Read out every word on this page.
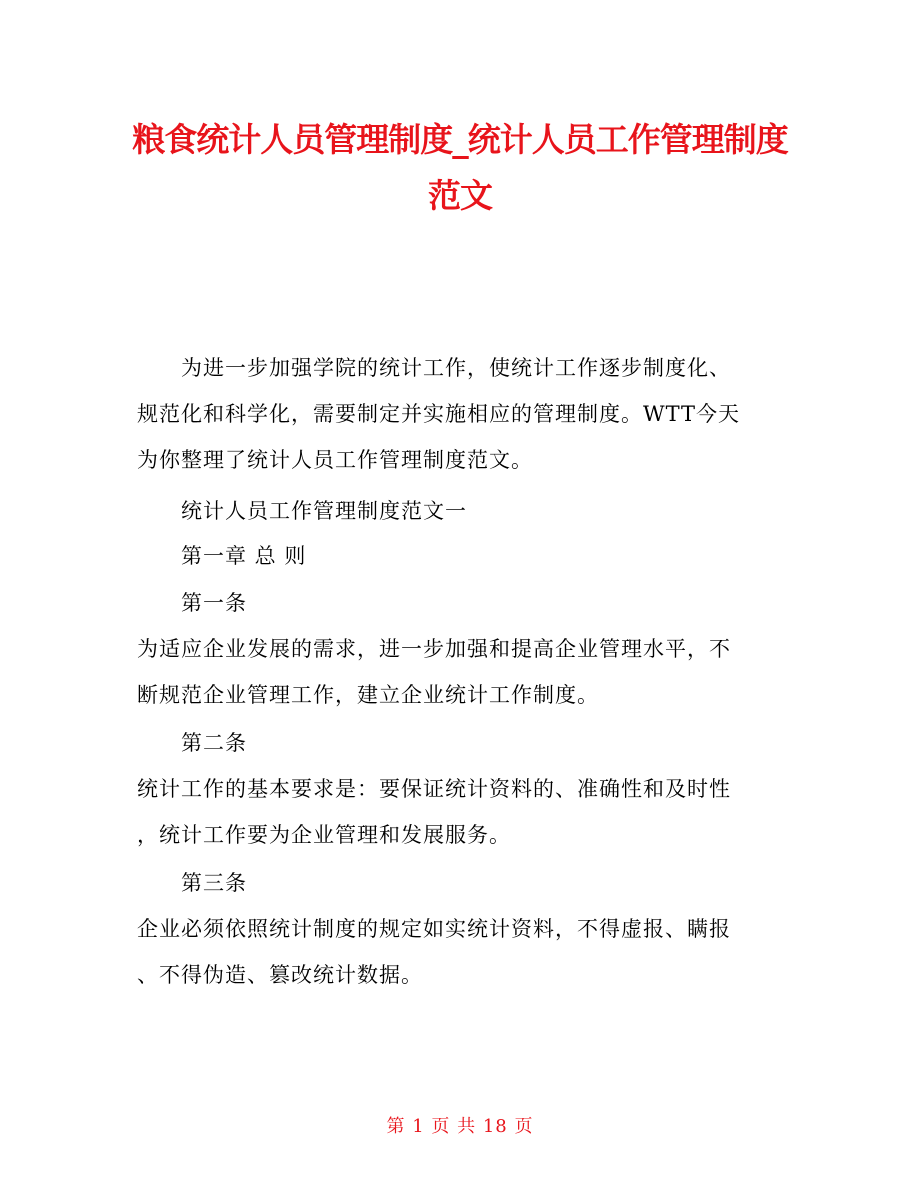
粮食统计人员管理制度_统计人员工作管理制度
范文
为进一步加强学院的统计工作，使统计工作逐步制度化、
规范化和科学化，需要制定并实施相应的管理制度。WTT今天
为你整理了统计人员工作管理制度范文。
统计人员工作管理制度范文一
第一章 总 则
第一条
为适应企业发展的需求，进一步加强和提高企业管理水平，不
断规范企业管理工作，建立企业统计工作制度。
第二条
统计工作的基本要求是：要保证统计资料的、准确性和及时性
，统计工作要为企业管理和发展服务。
第三条
企业必须依照统计制度的规定如实统计资料，不得虚报、瞒报
、不得伪造、篡改统计数据。
第 1 页 共 18 页
